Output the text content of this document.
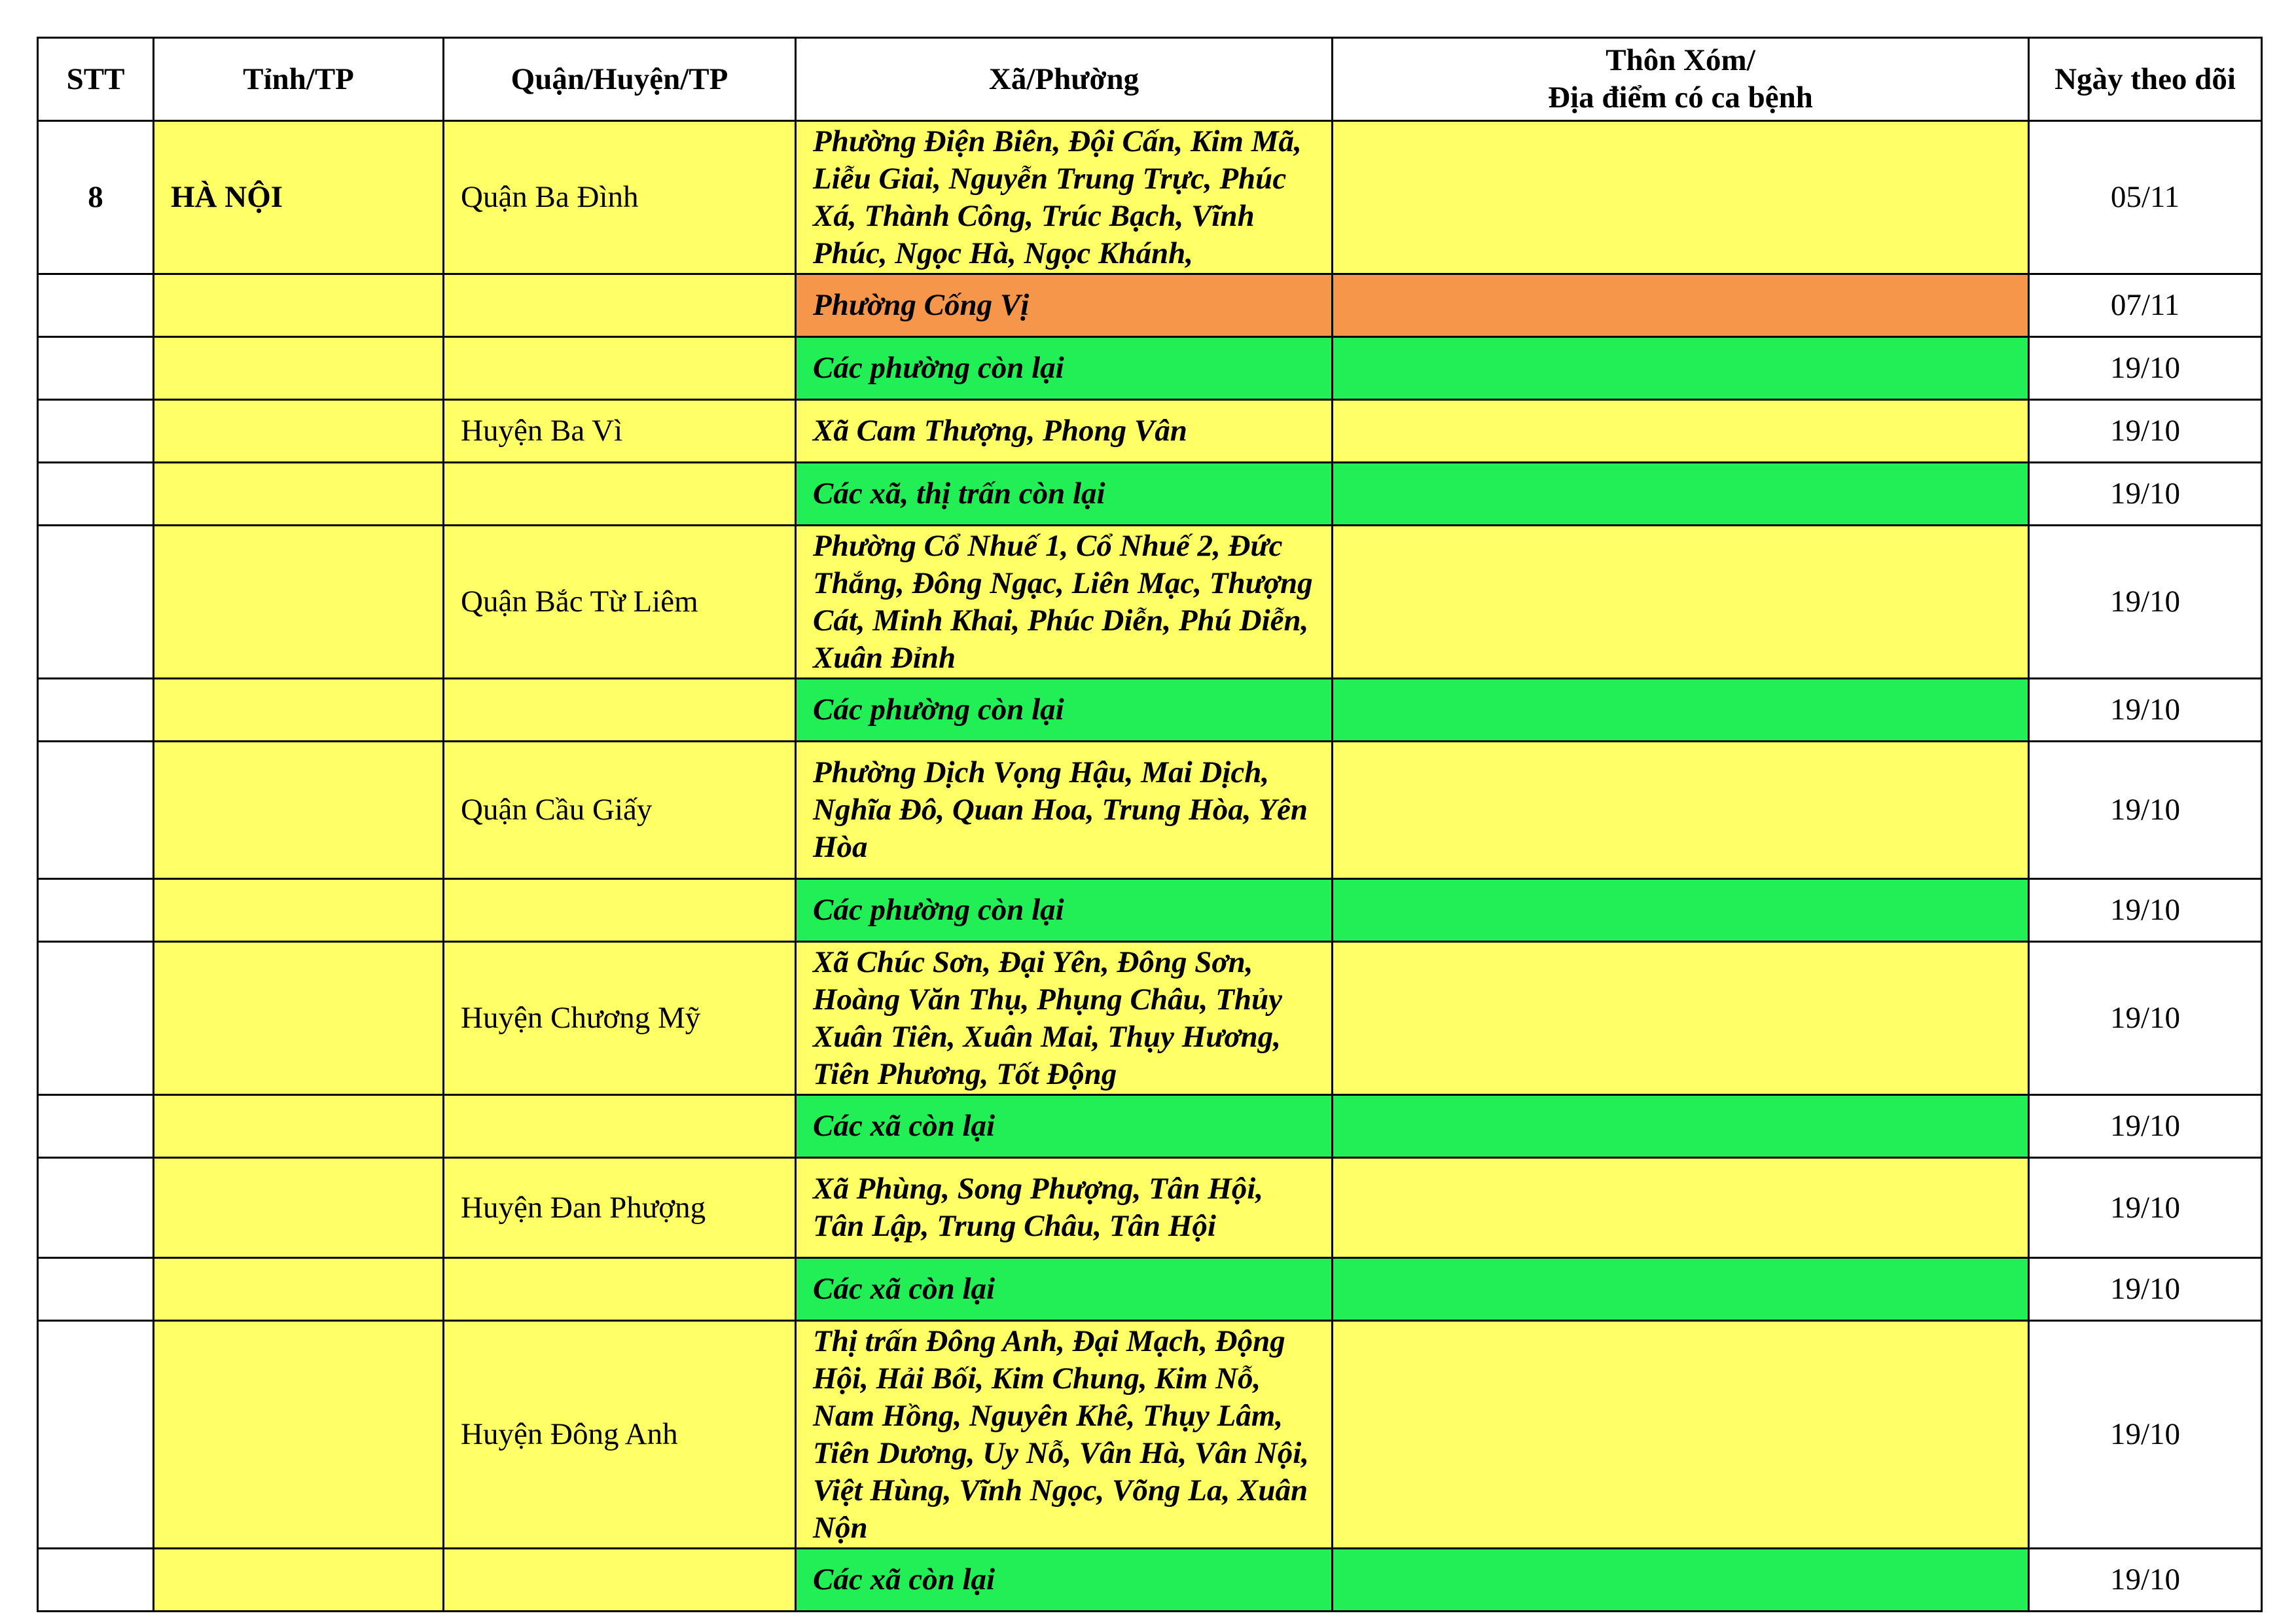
STT	Tỉnh/TP	Quận/Huyện/TP	Xã/Phường	Thôn Xóm/
Địa điểm có ca bệnh	Ngày theo dõi
8	HÀ NỘI	Quận Ba Đình	Phường Điện Biên, Đội Cấn, Kim Mã, Liễu Giai, Nguyễn Trung Trực, Phúc Xá, Thành Công, Trúc Bạch, Vĩnh Phúc, Ngọc Hà, Ngọc Khánh,		05/11
			Phường Cống Vị		07/11
			Các phường còn lại		19/10
		Huyện Ba Vì	Xã Cam Thượng, Phong Vân		19/10
			Các xã, thị trấn còn lại		19/10
		Quận Bắc Từ Liêm	Phường Cổ Nhuế 1, Cổ Nhuế 2, Đức Thắng, Đông Ngạc, Liên Mạc, Thượng Cát, Minh Khai, Phúc Diễn, Phú Diễn, Xuân Đỉnh		19/10
			Các phường còn lại		19/10
		Quận Cầu Giấy	Phường Dịch Vọng Hậu, Mai Dịch, Nghĩa Đô, Quan Hoa, Trung Hòa, Yên Hòa		19/10
			Các phường còn lại		19/10
		Huyện Chương Mỹ	Xã Chúc Sơn, Đại Yên, Đông Sơn, Hoàng Văn Thụ, Phụng Châu, Thủy Xuân Tiên, Xuân Mai, Thụy Hương, Tiên Phương, Tốt Động		19/10
			Các xã còn lại		19/10
		Huyện Đan Phượng	Xã Phùng, Song Phượng, Tân Hội, Tân Lập, Trung Châu, Tân Hội		19/10
			Các xã còn lại		19/10
		Huyện Đông Anh	Thị trấn Đông Anh, Đại Mạch, Động Hội, Hải Bối, Kim Chung, Kim Nỗ, Nam Hồng, Nguyên Khê, Thụy Lâm, Tiên Dương, Uy Nỗ, Vân Hà, Vân Nội, Việt Hùng, Vĩnh Ngọc, Võng La, Xuân Nộn		19/10
			Các xã còn lại		19/10
